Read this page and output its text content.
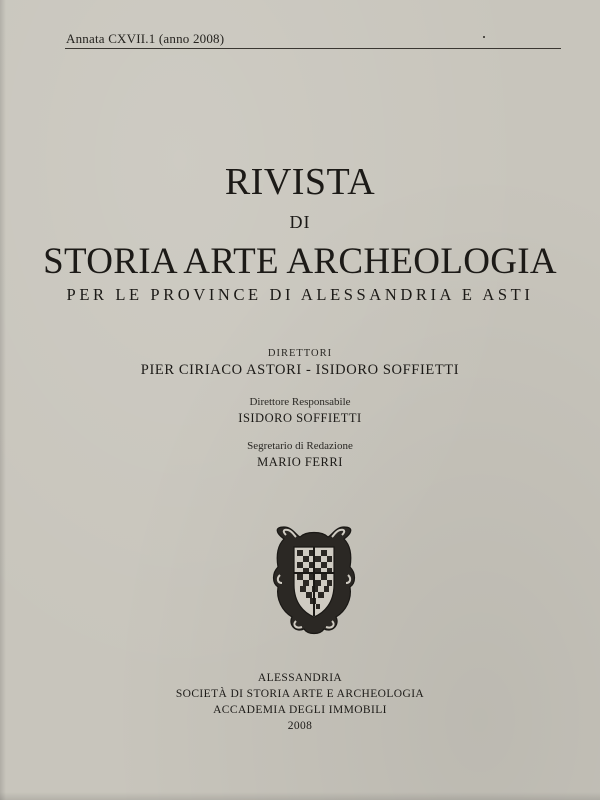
Annata CXVII.1 (anno 2008)
RIVISTA
DI
STORIA ARTE ARCHEOLOGIA
PER LE PROVINCE DI ALESSANDRIA E ASTI
DIRETTORI
PIER CIRIACO ASTORI - ISIDORO SOFFIETTI
Direttore Responsabile
ISIDORO SOFFIETTI
Segretario di Redazione
MARIO FERRI
ALESSANDRIA
SOCIETÀ DI STORIA ARTE E ARCHEOLOGIA
ACCADEMIA DEGLI IMMOBILI
2008
